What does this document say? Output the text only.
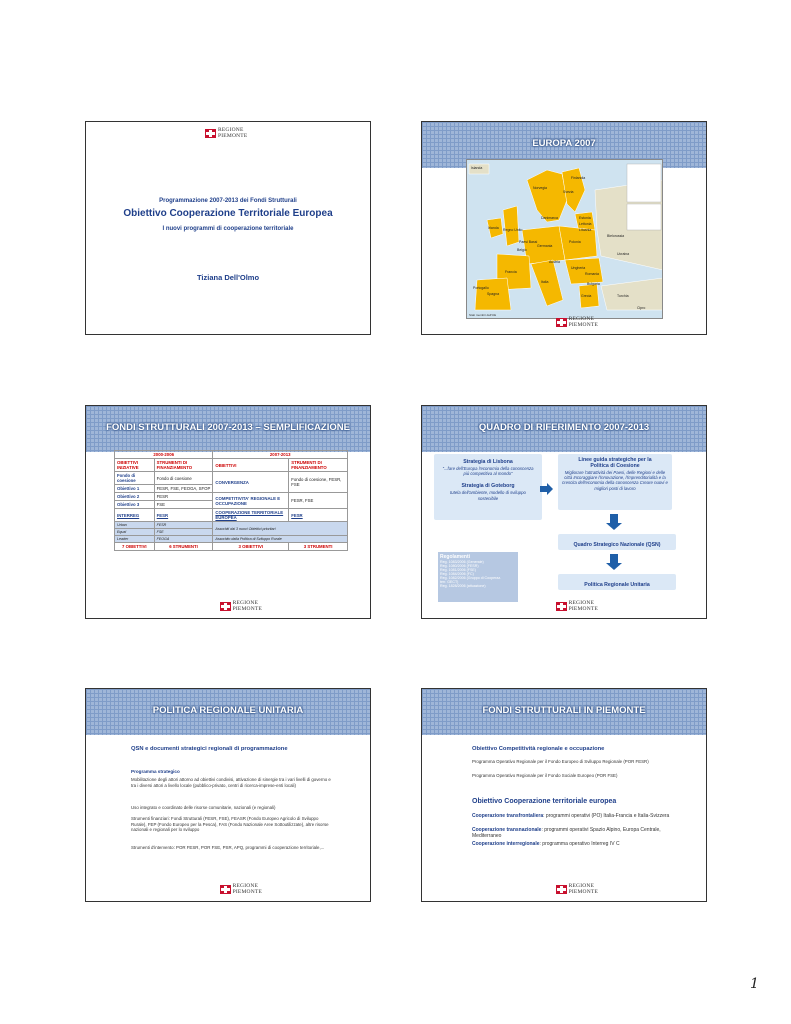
REGIONE
PIEMONTE
Programmazione 2007-2013 dei Fondi Strutturali
Obiettivo Cooperazione Territoriale Europea
I nuovi programmi di cooperazione territoriale
Tiziana Dell'Olmo
EUROPA 2007
Islanda
Norvegia
Svezia
Finlandia
Estonia
Lettonia
Lituania
Irlanda Regno Unito
Danimarca
Paesi Bassi
Belgio
Germania
Polonia
Bielorussia
Ucraina
Francia
Austria
Ungheria
Romania
Italia
Spagna
Portogallo
Grecia	Turchia
Bulgaria
Cipro
Stati membri dell'UE
REGIONE
PIEMONTE
FONDI STRUTTURALI 2007-2013 – SEMPLIFICAZIONE
2000-2006		2007-2013	
OBIETTIVI INIZIATIVE	STRUMENTI DI FINANZIAMENTO	OBIETTIVI	STRUMENTI DI FINANZIAMENTO
Fondo di coesione	Fondo di coesione	CONVERGENZA	Fondo di coesione, FESR, FSE
Obiettivo 1	FESR, FSE, FEOGA, SFOP		
Obiettivo 2	FESR	COMPETITIVITA' REGIONALE E OCCUPAZIONE	FESR, FSE
Obiettivo 3	FSE		
INTERREG	FESR	COOPERAZIONE TERRITORIALE EUROPEA	FESR
Urban	FESR	Assorbiti dai 3 nuovi Obiettivi prioritari	
Equal	FSE		
Leader	FEOGA	Assorbito dalla Politica di Sviluppo Rurale	
7 OBIETTIVI	6 STRUMENTI	3 OBIETTIVI	3 STRUMENTI
REGIONE
PIEMONTE
QUADRO DI RIFERIMENTO 2007-2013
Strategia di Lisbona
"...fare dell'Europa l'economia della conoscenza più competitiva al mondo"
Strategia di Goteborg
tutela dell'ambiente, modello di sviluppo sostenibile
Linee guida strategiche per la Politica di Coesione
Migliorare l'attrattività dei Paesi, delle Regioni e delle città Incoraggiare l'innovazione, l'imprenditorialità e la crescita dell'economia della conoscenza Creare nuovi e migliori posti di lavoro
Quadro Strategico Nazionale (QSN)
Politica Regionale Unitaria
Regolamenti
Reg. 1083/2006 (Generale)
Reg. 1080/2006 (FESR)
Reg. 1081/2006 (FSE)
Reg. 1084/2006 (FC)
Reg. 1082/2006 (Gruppo di Cooperaz.
terr. GECT)
Reg. 1828/2006 (attuazione)
REGIONE
PIEMONTE
POLITICA REGIONALE UNITARIA
QSN e documenti strategici regionali di programmazione
Programma strategico
Mobilitazione degli attori attorno ad obiettivi condivisi, attivazione di sinergie tra i vari livelli di governo e tra i diversi attori a livello locale (pubblico-privato, centri di ricerca-imprese-enti locali)
Uso integrato e coordinato delle risorse comunitarie, nazionali (e regionali)
Strumenti finanziari: Fondi Strutturali (FESR, FSE), FEASR (Fondo Europeo Agricolo di Sviluppo Rurale), FEP (Fondo Europeo per la Pesca), FAS (Fondo Nazionale Aree Sottoutilizzate), altre risorse nazionali e regionali per lo sviluppo
Strumenti d'intervento: POR FESR, POR FSE, PSR, APQ, programmi di cooperazione territoriale,...
REGIONE
PIEMONTE
FONDI STRUTTURALI IN PIEMONTE
Obiettivo Competitività regionale e occupazione
Programma Operativo Regionale per il Fondo Europeo di Sviluppo Regionale (POR FESR)
Programma Operativo Regionale per il Fondo Sociale Europeo (POR FSE)
Obiettivo Cooperazione territoriale europea
Cooperazione transfrontaliera: programmi operativi (PO) Italia-Francia e Italia-Svizzera
Cooperazione transnazionale: programmi operativi Spazio Alpino, Europa Centrale, Mediterraneo
Cooperazione interregionale: programma operativo Interreg IV C
REGIONE
PIEMONTE
1
